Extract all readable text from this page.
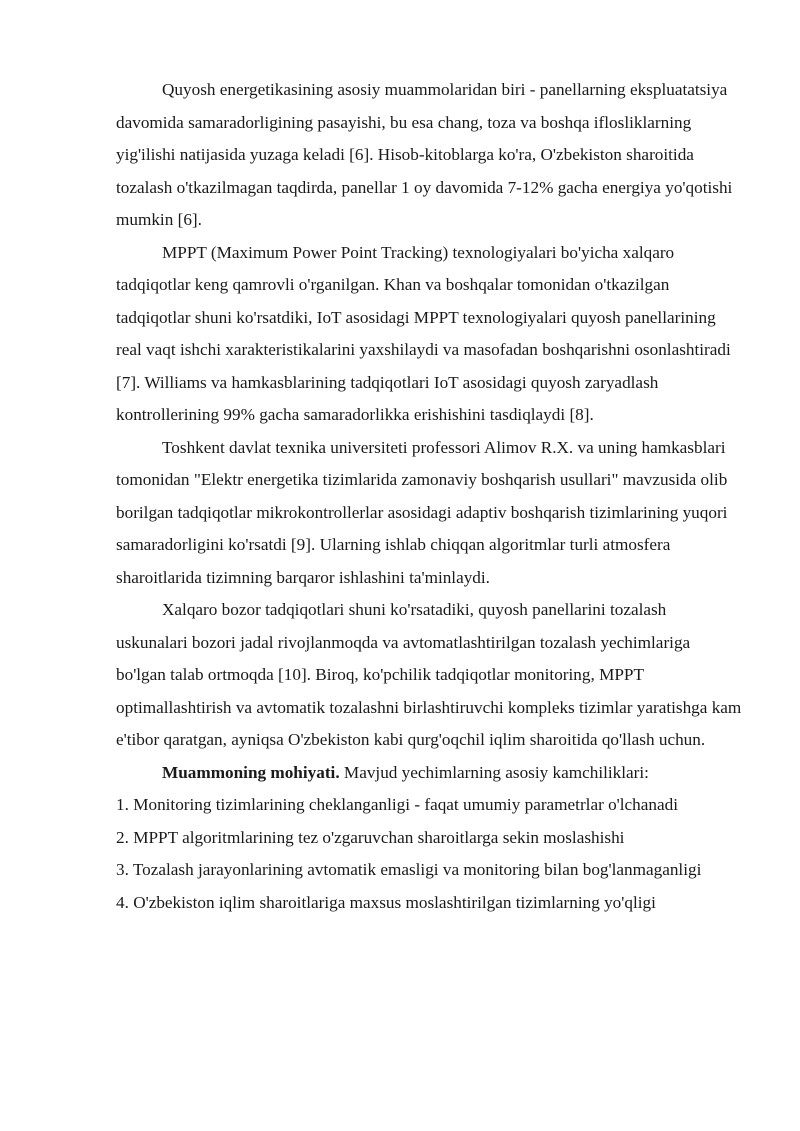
Quyosh energetikasining asosiy muammolaridan biri - panellarning ekspluatatsiya davomida samaradorligining pasayishi, bu esa chang, toza va boshqa iflosliklarning yig'ilishi natijasida yuzaga keladi [6]. Hisob-kitoblarga ko'ra, O'zbekiston sharoitida tozalash o'tkazilmagan taqdirda, panellar 1 oy davomida 7-12% gacha energiya yo'qotishi mumkin [6].

MPPT (Maximum Power Point Tracking) texnologiyalari bo'yicha xalqaro tadqiqotlar keng qamrovli o'rganilgan. Khan va boshqalar tomonidan o'tkazilgan tadqiqotlar shuni ko'rsatdiki, IoT asosidagi MPPT texnologiyalari quyosh panellarining real vaqt ishchi xarakteristikalarini yaxshilaydi va masofadan boshqarishni osonlashtiradi [7]. Williams va hamkasblarining tadqiqotlari IoT asosidagi quyosh zaryadlash kontrollerining 99% gacha samaradorlikka erishishini tasdiqlaydi [8].

Toshkent davlat texnika universiteti professori Alimov R.X. va uning hamkasblari tomonidan "Elektr energetika tizimlarida zamonaviy boshqarish usullari" mavzusida olib borilgan tadqiqotlar mikrokontrollerlar asosidagi adaptiv boshqarish tizimlarining yuqori samaradorligini ko'rsatdi [9]. Ularning ishlab chiqqan algoritmlar turli atmosfera sharoitlarida tizimning barqaror ishlashini ta'minlaydi.

Xalqaro bozor tadqiqotlari shuni ko'rsatadiki, quyosh panellarini tozalash uskunalari bozori jadal rivojlanmoqda va avtomatlashtirilgan tozalash yechimlariga bo'lgan talab ortmoqda [10]. Biroq, ko'pchilik tadqiqotlar monitoring, MPPT optimallashtirish va avtomatik tozalashni birlashtiruvchi kompleks tizimlar yaratishga kam e'tibor qaratgan, ayniqsa O'zbekiston kabi qurg'oqchil iqlim sharoitida qo'llash uchun.

Muammoning mohiyati. Mavjud yechimlarning asosiy kamchiliklari:

1. Monitoring tizimlarining cheklanganligi - faqat umumiy parametrlar o'lchanadi

2. MPPT algoritmlarining tez o'zgaruvchan sharoitlarga sekin moslashishi

3. Tozalash jarayonlarining avtomatik emasligi va monitoring bilan bog'lanmaganligi

4. O'zbekiston iqlim sharoitlariga maxsus moslashtirilgan tizimlarning yo'qligi
